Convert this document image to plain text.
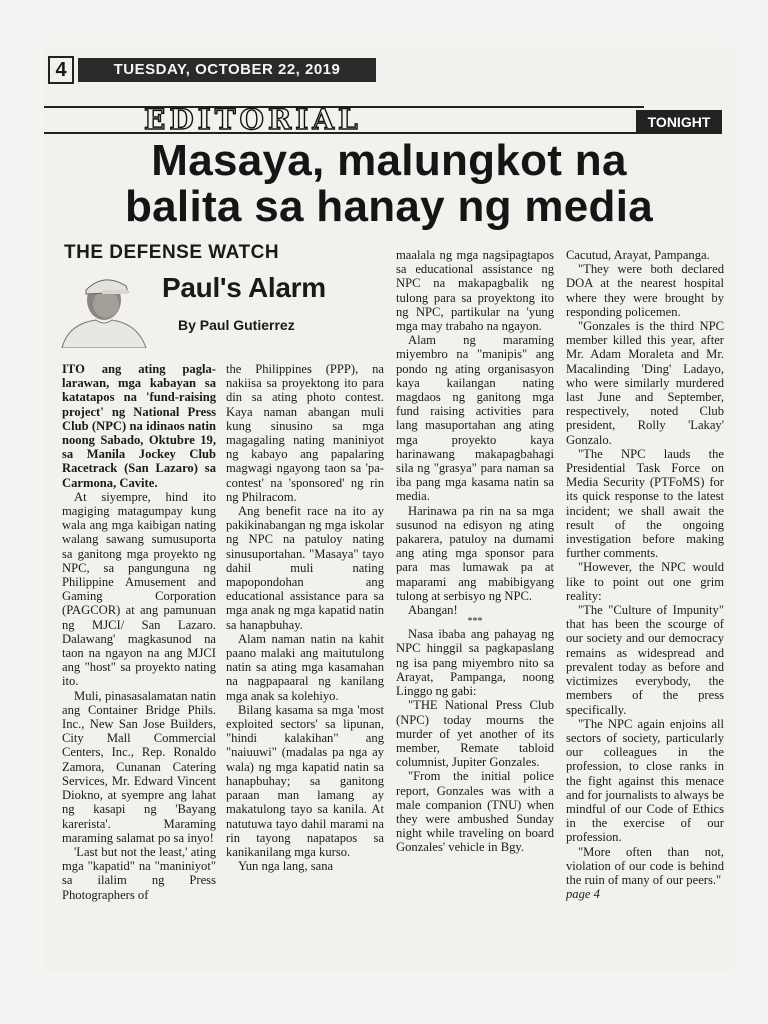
4	TUESDAY, OCTOBER 22, 2019
EDITORIAL	TONIGHT
Masaya, malungkot na
balita sa hanay ng media
THE DEFENSE WATCH
Paul's Alarm
By Paul Gutierrez

ITO ang ating pagla-larawan, mga kabayan sa katatapos na 'fund-raising project' ng National Press Club (NPC) na idinaos natin noong Sabado, Oktubre 19, sa Manila Jockey Club Racetrack (San Lazaro) sa Carmona, Cavite.

At siyempre, hind ito magiging matagumpay kung wala ang mga kaibigan nating walang sawang sumusuporta sa ganitong mga proyekto ng NPC, sa pangunguna ng Philippine Amusement and Gaming Corporation (PAGCOR) at ang pamunuan ng MJCI/ San Lazaro. Dalawang' magkasunod na taon na ngayon na ang MJCI ang "host" sa proyekto nating ito.

Muli, pinasasalamatan natin ang Container Bridge Phils. Inc., New San Jose Builders, City Mall Commercial Centers, Inc., Rep. Ronaldo Zamora, Cunanan Catering Services, Mr. Edward Vincent Diokno, at syempre ang lahat ng kasapi ng 'Bayang karerista'. Maraming maraming salamat po sa inyo!

'Last but not the least,' ating mga "kapatid" na "maniniyot" sa ilalim ng Press Photographers of

the Philippines (PPP), na nakiisa sa proyektong ito para din sa ating photo contest. Kaya naman abangan muli kung sinusino sa mga magagaling nating maniniyot ng kabayo ang papalaring magwagi ngayong taon sa 'pa-contest' na 'sponsored' ng rin ng Philracom.

Ang benefit race na ito ay pakikinabangan ng mga iskolar ng NPC na patuloy nating sinusuportahan. "Masaya" tayo dahil muli nating mapopondohan ang educational assistance para sa mga anak ng mga kapatid natin sa hanapbuhay.

Alam naman natin na kahit paano malaki ang maitutulong natin sa ating mga kasamahan na nagpapaaral ng kanilang mga anak sa kolehiyo.

Bilang kasama sa mga 'most exploited sectors' sa lipunan, "hindi kalakihan" ang "naiuuwi" (madalas pa nga ay wala) ng mga kapatid natin sa hanapbuhay; sa ganitong paraan man lamang ay makatulong tayo sa kanila. At natutuwa tayo dahil marami na rin tayong napatapos sa kanikanilang mga kurso.

Yun nga lang, sana

maalala ng mga nagsipagtapos sa educational assistance ng NPC na makapagbalik ng tulong para sa proyektong ito ng NPC, partikular na 'yung mga may trabaho na ngayon.

Alam ng maraming miyembro na "manipis" ang pondo ng ating organisasyon kaya kailangan nating magdaos ng ganitong mga fund raising activities para lang masuportahan ang ating mga proyekto kaya harinawang makapagbahagi sila ng "grasya" para naman sa iba pang mga kasama natin sa media.

Harinawa pa rin na sa mga susunod na edisyon ng ating pakarera, patuloy na dumami ang ating mga sponsor para para mas lumawak pa at maparami ang mabibigyang tulong at serbisyo ng NPC.

Abangan!

***

Nasa ibaba ang pahayag ng NPC hinggil sa pagkapaslang ng isa pang miyembro nito sa Arayat, Pampanga, noong Linggo ng gabi:

"THE National Press Club (NPC) today mourns the murder of yet another of its member, Remate tabloid columnist, Jupiter Gonzales.

"From the initial police report, Gonzales was with a male companion (TNU) when they were ambushed Sunday night while traveling on board Gonzales' vehicle in Bgy.

Cacutud, Arayat, Pampanga.

"They were both declared DOA at the nearest hospital where they were brought by responding policemen.

"Gonzales is the third NPC member killed this year, after Mr. Adam Moraleta and Mr. Macalinding 'Ding' Ladayo, who were similarly murdered last June and September, respectively, noted Club president, Rolly 'Lakay' Gonzalo.

"The NPC lauds the Presidential Task Force on Media Security (PTFoMS) for its quick response to the latest incident; we shall await the result of the ongoing investigation before making further comments.

"However, the NPC would like to point out one grim reality:

"The "Culture of Impunity" that has been the scourge of our society and our democracy remains as widespread and prevalent today as before and victimizes everybody, the members of the press specifically.

"The NPC again enjoins all sectors of society, particularly our colleagues in the profession, to close ranks in the fight against this menace and for journalists to always be mindful of our Code of Ethics in the exercise of our profession.

"More often than not, violation of our code is behind the ruin of many of our peers."

page 4
